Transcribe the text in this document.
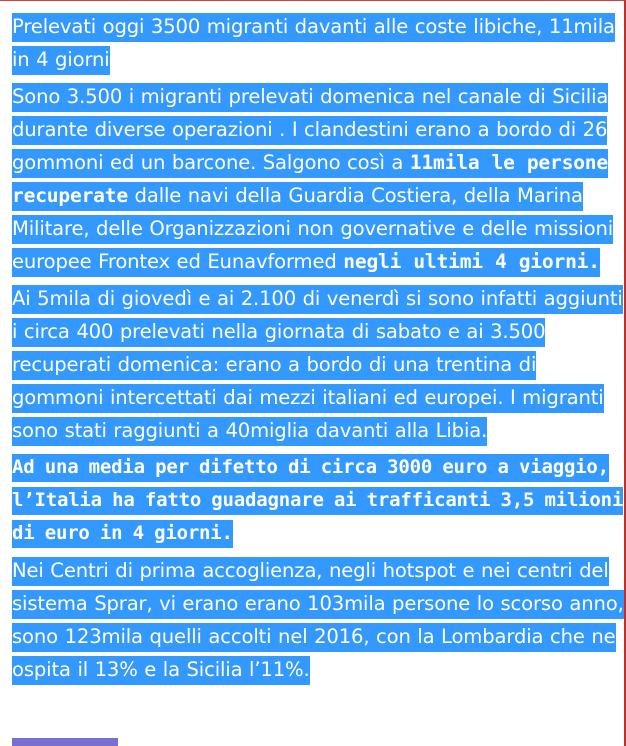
Prelevati oggi 3500 migranti davanti alle coste libiche, 11mila in 4 giorni

Sono 3.500 i migranti prelevati domenica nel canale di Sicilia durante diverse operazioni . I clandestini erano a bordo di 26 gommoni ed un barcone. Salgono così a 11mila le persone recuperate dalle navi della Guardia Costiera, della Marina Militare, delle Organizzazioni non governative e delle missioni europee Frontex ed Eunavformed negli ultimi 4 giorni.

Ai 5mila di giovedì e ai 2.100 di venerdì si sono infatti aggiunti i circa 400 prelevati nella giornata di sabato e ai 3.500 recuperati domenica: erano a bordo di una trentina di gommoni intercettati dai mezzi italiani ed europei. I migranti sono stati raggiunti a 40miglia davanti alla Libia.

Ad una media per difetto di circa 3000 euro a viaggio, l’Italia ha fatto guadagnare ai trafficanti 3,5 milioni di euro in 4 giorni.

Nei Centri di prima accoglienza, negli hotspot e nei centri del sistema Sprar, vi erano erano 103mila persone lo scorso anno, sono 123mila quelli accolti nel 2016, con la Lombardia che ne ospita il 13% e la Sicilia l’11%.
